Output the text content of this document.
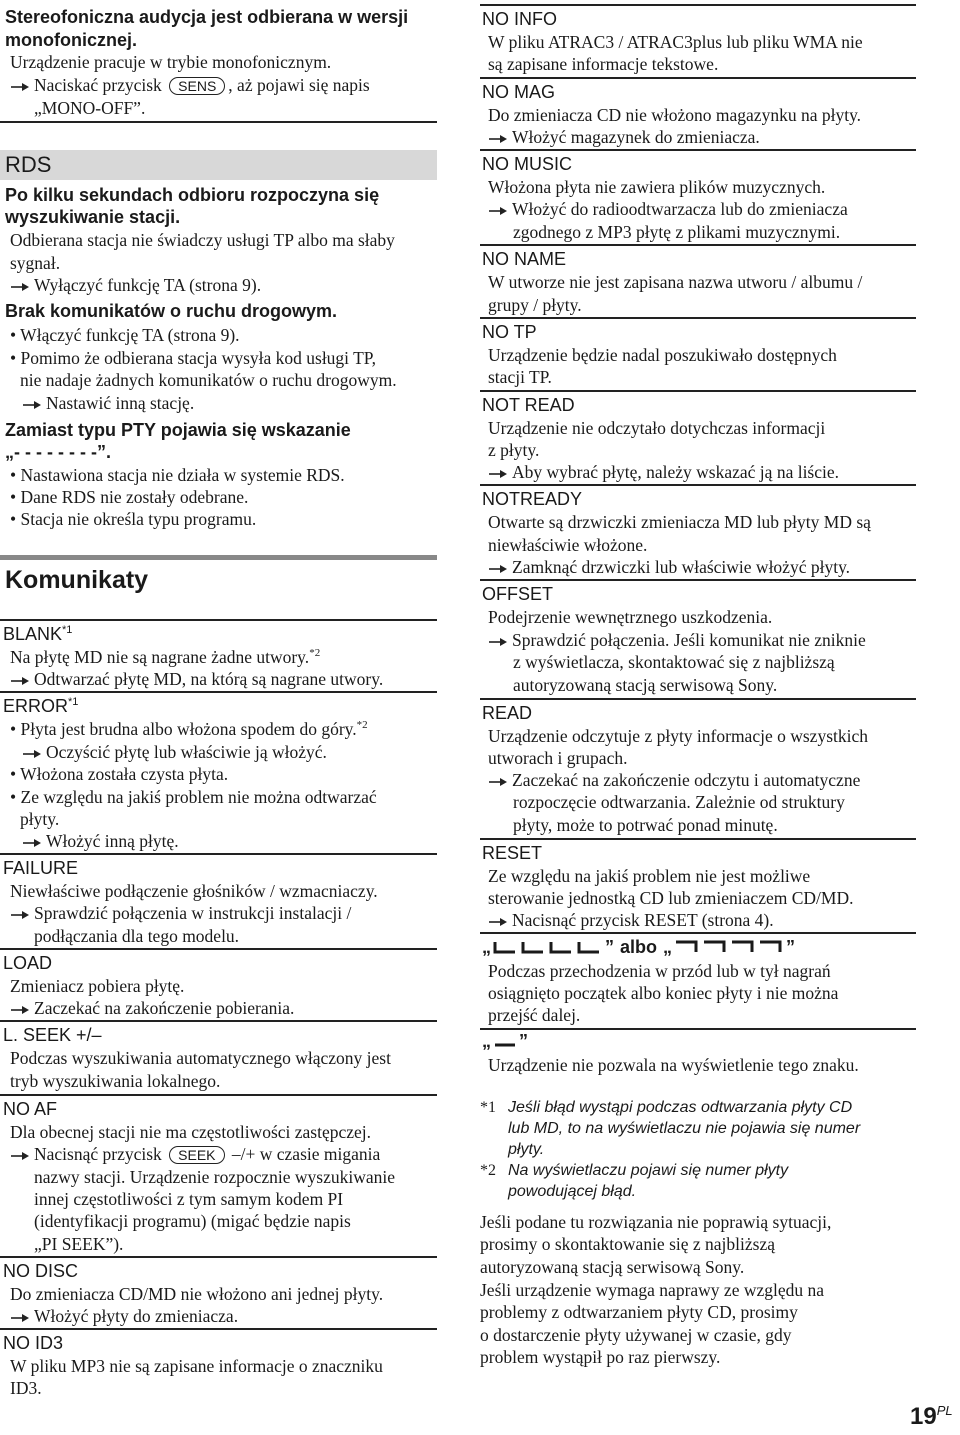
Stereofoniczna audycja jest odbierana w wersji
monofonicznej.
Urządzenie pracuje w trybie monofonicznym.
Naciskać przycisk SENS , aż pojawi się napis
„MONO-OFF”.
RDS
Po kilku sekundach odbioru rozpoczyna się
wyszukiwanie stacji.
Odbierana stacja nie świadczy usługi TP albo ma słaby
sygnał.
Wyłączyć funkcję TA (strona 9).
Brak komunikatów o ruchu drogowym.
• Włączyć funkcję TA (strona 9).
• Pomimo że odbierana stacja wysyła kod usługi TP,
nie nadaje żadnych komunikatów o ruchu drogowym.
Nastawić inną stację.
Zamiast typu PTY pojawia się wskazanie
„- - - - - - - -”.
• Nastawiona stacja nie działa w systemie RDS.
• Dane RDS nie zostały odebrane.
• Stacja nie określa typu programu.
Komunikaty
BLANK$^{*1}$
Na płytę MD nie są nagrane żadne utwory.$^{*2}$
Odtwarzać płytę MD, na którą są nagrane utwory.
ERROR$^{*1}$
• Płyta jest brudna albo włożona spodem do góry.$^{*2}$
Oczyścić płytę lub właściwie ją włożyć.
• Włożona została czysta płyta.
• Ze względu na jakiś problem nie można odtwarzać
płyty.
Włożyć inną płytę.
FAILURE
Niewłaściwe podłączenie głośników / wzmacniaczy.
Sprawdzić połączenia w instrukcji instalacji /
podłączania dla tego modelu.
LOAD
Zmieniacz pobiera płytę.
Zaczekać na zakończenie pobierania.
L. SEEK +/–
Podczas wyszukiwania automatycznego włączony jest
tryb wyszukiwania lokalnego.
NO AF
Dla obecnej stacji nie ma częstotliwości zastępczej.
Nacisnąć przycisk SEEK –/+ w czasie migania
nazwy stacji. Urządzenie rozpocznie wyszukiwanie
innej częstotliwości z tym samym kodem PI
(identyfikacji programu) (migać będzie napis
„PI SEEK”).
NO DISC
Do zmieniacza CD/MD nie włożono ani jednej płyty.
Włożyć płyty do zmieniacza.
NO ID3
W pliku MP3 nie są zapisane informacje o znaczniku
ID3.
NO INFO
W pliku ATRAC3 / ATRAC3plus lub pliku WMA nie
są zapisane informacje tekstowe.
NO MAG
Do zmieniacza CD nie włożono magazynku na płyty.
Włożyć magazynek do zmieniacza.
NO MUSIC
Włożona płyta nie zawiera plików muzycznych.
Włożyć do radioodtwarzacza lub do zmieniacza
zgodnego z MP3 płytę z plikami muzycznymi.
NO NAME
W utworze nie jest zapisana nazwa utworu / albumu /
grupy / płyty.
NO TP
Urządzenie będzie nadal poszukiwało dostępnych
stacji TP.
NOT READ
Urządzenie nie odczytało dotychczas informacji
z płyty.
Aby wybrać płytę, należy wskazać ją na liście.
NOTREADY
Otwarte są drzwiczki zmieniacza MD lub płyty MD są
niewłaściwie włożone.
Zamknąć drzwiczki lub właściwie włożyć płyty.
OFFSET
Podejrzenie wewnętrznego uszkodzenia.
Sprawdzić połączenia. Jeśli komunikat nie zniknie
z wyświetlacza, skontaktować się z najbliższą
autoryzowaną stacją serwisową Sony.
READ
Urządzenie odczytuje z płyty informacje o wszystkich
utworach i grupach.
Zaczekać na zakończenie odczytu i automatyczne
rozpoczęcie odtwarzania. Zależnie od struktury
płyty, może to potrwać ponad minutę.
RESET
Ze względu na jakiś problem nie jest możliwe
sterowanie jednostką CD lub zmieniaczem CD/MD.
Nacisnąć przycisk RESET (strona 4).
„	” albo „	”
Podczas przechodzenia w przód lub w tył nagrań
osiągnięto początek albo koniec płyty i nie można
przejść dalej.
„ ”
Urządzenie nie pozwala na wyświetlenie tego znaku.
*1 Jeśli błąd wystąpi podczas odtwarzania płyty CD
lub MD, to na wyświetlaczu nie pojawia się numer
płyty.
*2 Na wyświetlaczu pojawi się numer płyty
powodującej błąd.
Jeśli podane tu rozwiązania nie poprawią sytuacji,
prosimy o skontaktowanie się z najbliższą
autoryzowaną stacją serwisową Sony.
Jeśli urządzenie wymaga naprawy ze względu na
problemy z odtwarzaniem płyty CD, prosimy
o dostarczenie płyty używanej w czasie, gdy
problem wystąpił po raz pierwszy.
$19^{PL}$
